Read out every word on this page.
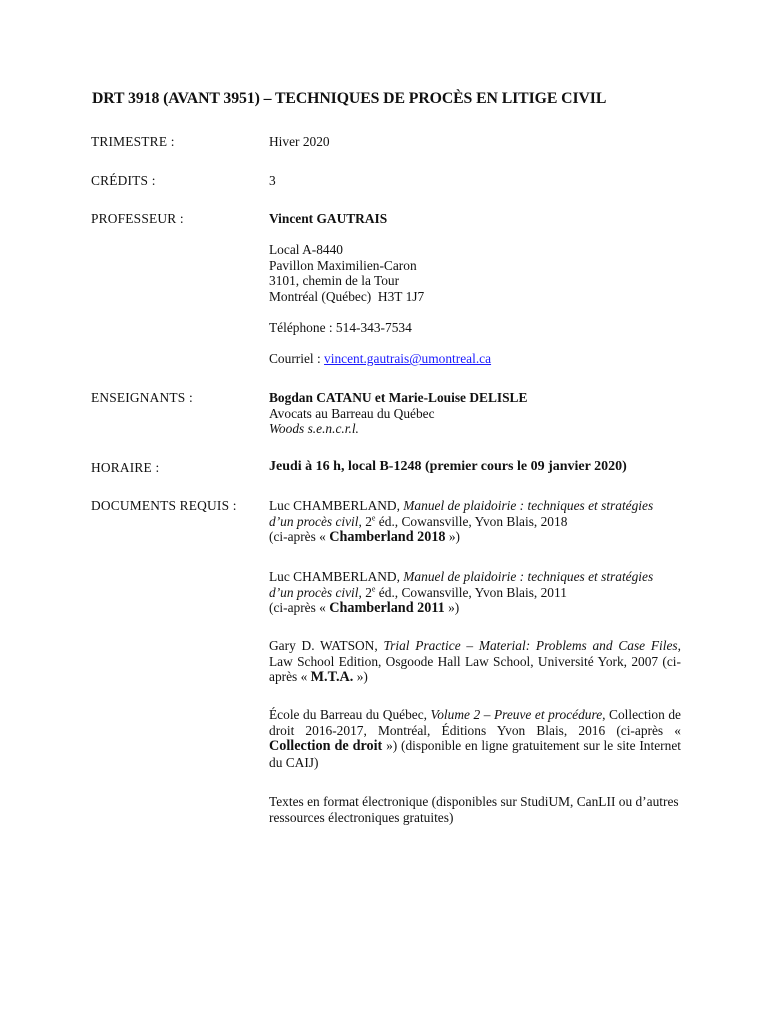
DRT 3918 (AVANT 3951) – TECHNIQUES DE PROCÈS EN LITIGE CIVIL
TRIMESTRE :	Hiver 2020
CRÉDITS :	3
PROFESSEUR :	Vincent GAUTRAIS

Local A-8440

Pavillon Maximilien-Caron

3101, chemin de la Tour

Montréal (Québec)  H3T 1J7

Téléphone : 514-343-7534
Courriel : vincent.gautrais@umontreal.ca
ENSEIGNANTS :	Bogdan CATANU et Marie-Louise DELISLE

Avocats au Barreau du Québec

Woods s.e.n.c.r.l.

HORAIRE :	Jeudi à 16 h, local B-1248 (premier cours le 09 janvier 2020)
DOCUMENTS REQUIS : Luc CHAMBERLAND, Manuel de plaidoirie : techniques et stratégies d’un procès civil, 2e éd., Cowansville, Yvon Blais, 2018

(ci-après « Chamberland 2018 »)

Luc CHAMBERLAND, Manuel de plaidoirie : techniques et stratégies d’un procès civil, 2e éd., Cowansville, Yvon Blais, 2011

(ci-après « Chamberland 2011 »)

Gary D. WATSON, Trial Practice – Material: Problems and Case Files, Law School Edition, Osgoode Hall Law School, Université York, 2007 (ci-après « M.T.A. »)

École du Barreau du Québec, Volume 2 – Preuve et procédure, Collection de droit 2016-2017, Montréal, Éditions Yvon Blais, 2016 (ci-après « Collection de droit ») (disponible en ligne gratuitement sur le site Internet du CAIJ)

Textes en format électronique (disponibles sur StudiUM, CanLII ou d’autres ressources électroniques gratuites)
